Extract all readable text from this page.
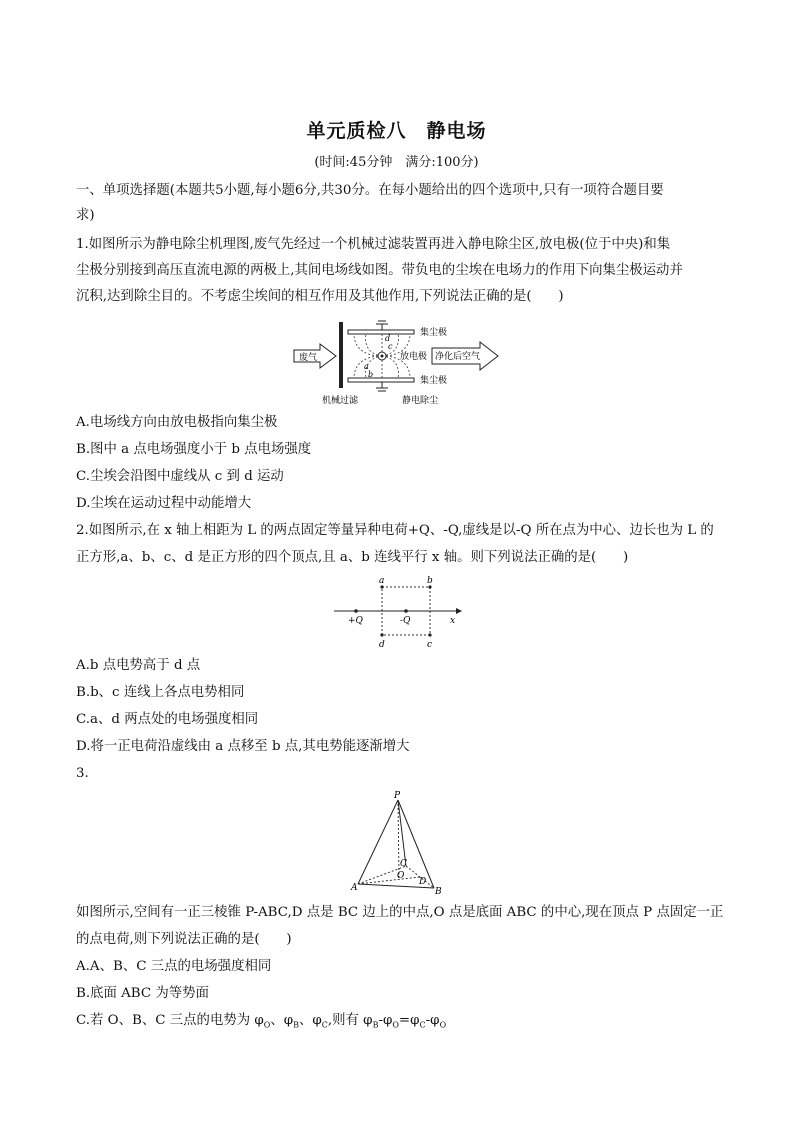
单元质检八　静电场
(时间:45分钟　满分:100分)
一、单项选择题(本题共5小题,每小题6分,共30分。在每小题给出的四个选项中,只有一项符合题目要
求)
1.如图所示为静电除尘机理图,废气先经过一个机械过滤装置再进入静电除尘区,放电极(位于中央)和集
尘极分别接到高压直流电源的两极上,其间电场线如图。带负电的尘埃在电场力的作用下向集尘极运动并
沉积,达到除尘目的。不考虑尘埃间的相互作用及其他作用,下列说法正确的是(　　)
废气
d
c
a
b
集尘极
放电极
集尘极
净化后空气
机械过滤	静电除尘
A.电场线方向由放电极指向集尘极
B.图中 a 点电场强度小于 b 点电场强度
C.尘埃会沿图中虚线从 c 到 d 运动
D.尘埃在运动过程中动能增大
2.如图所示,在 x 轴上相距为 L 的两点固定等量异种电荷+Q、-Q,虚线是以-Q 所在点为中心、边长也为 L 的
正方形,a、b、c、d 是正方形的四个顶点,且 a、b 连线平行 x 轴。则下列说法正确的是(　　)
x
a	b
+Q	-Q
d	c
A.b 点电势高于 d 点
B.b、c 连线上各点电势相同
C.a、d 两点处的电场强度相同
D.将一正电荷沿虚线由 a 点移至 b 点,其电势能逐渐增大
3.
P
A	B
C
O
D
如图所示,空间有一正三棱锥 P-ABC,D 点是 BC 边上的中点,O 点是底面 ABC 的中心,现在顶点 P 点固定一正
的点电荷,则下列说法正确的是(　　)
A.A、B、C 三点的电场强度相同
B.底面 ABC 为等势面
C.若 O、B、C 三点的电势为 $\varphi_O$、$\varphi_B$、$\varphi_C$,则有 $\varphi_B-\varphi_O=\varphi_C-\varphi_O$
